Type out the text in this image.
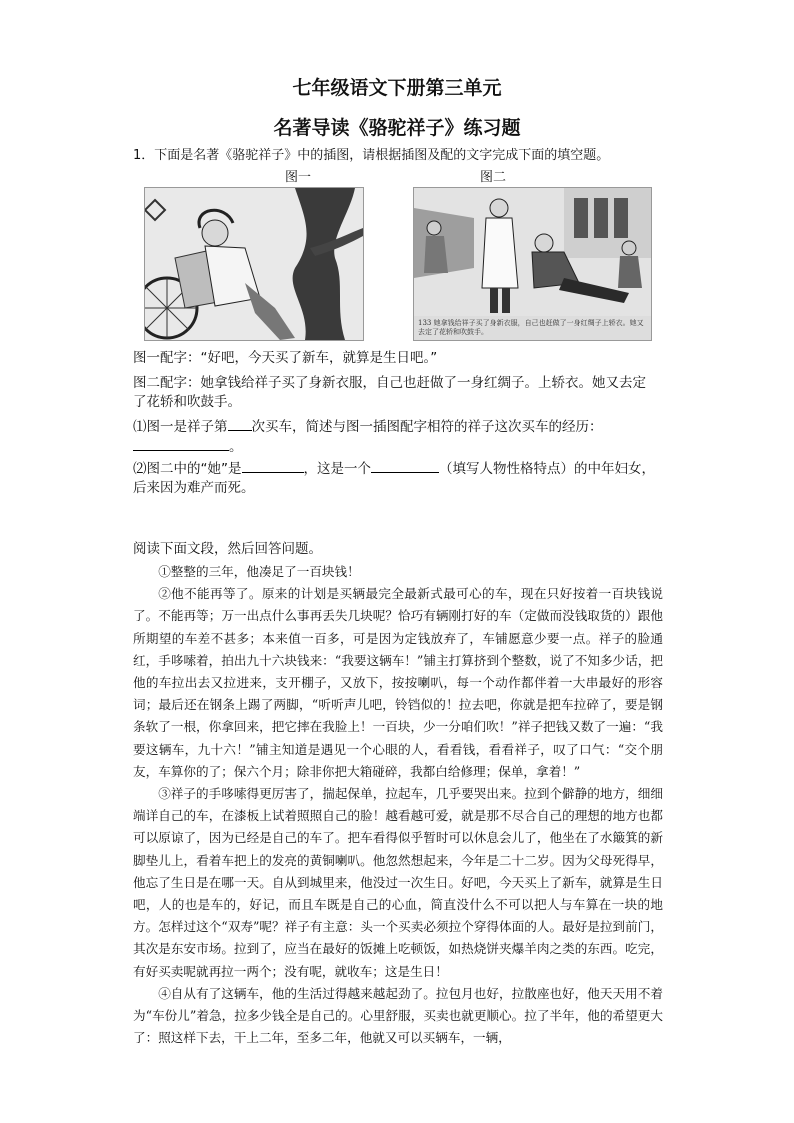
七年级语文下册第三单元
名著导读《骆驼祥子》练习题
1．下面是名著《骆驼祥子》中的插图，请根据插图及配的文字完成下面的填空题。
图一	图二
133 她拿钱给祥子买了身新衣服，自己也赶做了一身红绸子上轿衣。她又去定了花轿和吹鼓手。
图一配字：“好吧，今天买了新车，就算是生日吧。”
图二配字：她拿钱给祥子买了身新衣服，自己也赶做了一身红绸子。上轿衣。她又去定
了花轿和吹鼓手。
⑴图一是祥子第 次买车，简述与图一插图配字相符的祥子这次买车的经历：
。
⑵图二中的“她”是	，这是一个	（填写人物性格特点）的中年妇女，
后来因为难产而死。
阅读下面文段，然后回答问题。

①整整的三年，他凑足了一百块钱！

②他不能再等了。原来的计划是买辆最完全最新式最可心的车，现在只好按着一百块钱说了。不能再等；万一出点什么事再丢失几块呢？恰巧有辆刚打好的车（定做而没钱取货的）跟他所期望的车差不甚多；本来值一百多，可是因为定钱放弃了，车铺愿意少要一点。祥子的脸通红，手哆嗦着，拍出九十六块钱来：“我要这辆车！”铺主打算挤到个整数，说了不知多少话，把他的车拉出去又拉进来，支开棚子，又放下，按按喇叭，每一个动作都伴着一大串最好的形容词；最后还在钢条上踢了两脚，“听听声儿吧，铃铛似的！拉去吧，你就是把车拉碎了，要是钢条软了一根，你拿回来，把它摔在我脸上！一百块，少一分咱们吹！”祥子把钱又数了一遍：“我要这辆车，九十六！”铺主知道是遇见一个心眼的人，看看钱，看看祥子，叹了口气：“交个朋友，车算你的了；保六个月；除非你把大箱碰碎，我都白给修理；保单，拿着！”

③祥子的手哆嗦得更厉害了，揣起保单，拉起车，几乎要哭出来。拉到个僻静的地方，细细端详自己的车，在漆板上试着照照自己的脸！越看越可爱，就是那不尽合自己的理想的地方也都可以原谅了，因为已经是自己的车了。把车看得似乎暂时可以休息会儿了，他坐在了水簸箕的新脚垫儿上，看着车把上的发亮的黄铜喇叭。他忽然想起来，今年是二十二岁。因为父母死得早，他忘了生日是在哪一天。自从到城里来，他没过一次生日。好吧，今天买上了新车，就算是生日吧，人的也是车的，好记，而且车既是自己的心血，简直没什么不可以把人与车算在一块的地方。怎样过这个“双寿”呢？祥子有主意：头一个买卖必须拉个穿得体面的人。最好是拉到前门，其次是东安市场。拉到了，应当在最好的饭摊上吃顿饭，如热烧饼夹爆羊肉之类的东西。吃完，有好买卖呢就再拉一两个；没有呢，就收车；这是生日！

④自从有了这辆车，他的生活过得越来越起劲了。拉包月也好，拉散座也好，他天天用不着为“车份儿”着急，拉多少钱全是自己的。心里舒服，买卖也就更顺心。拉了半年，他的希望更大了：照这样下去，干上二年，至多二年，他就又可以买辆车，一辆，
